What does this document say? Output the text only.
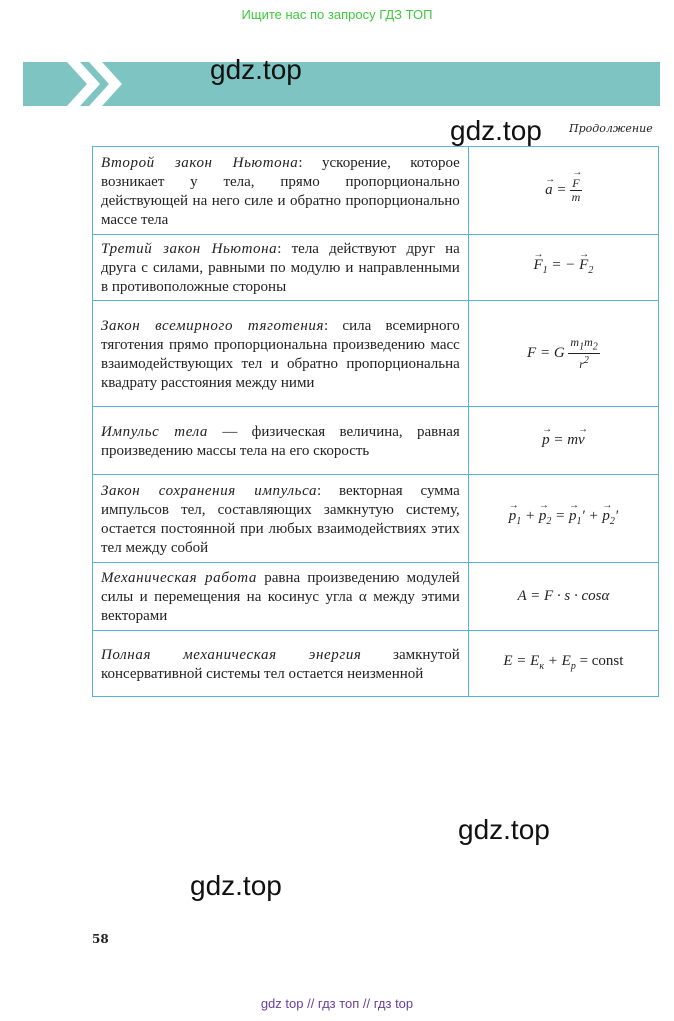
Ищите нас по запросу ГДЗ ТОП
gdz.top
gdz.top Продолжение
Второй закон Ньютона: ускорение, которое возникает у тела, прямо пропорционально действующей на него силе и обратно пропорционально массе тела	→ a = → $\frac{F}{m}$

Третий закон Ньютона: тела действуют друг на друга с силами, равными по модулю и направленными в противоположные стороны	→ $F_1$ = − → $F_2$
Закон всемирного тяготения: сила всемирного тяготения прямо пропорциональна произведению масс взаимодействующих тел и обратно пропорциональна квадрату расстояния между ними	F = G $\frac{m_1m_2}{r^2}$

Импульс тела — физическая величина, равная произведению массы тела на его скорость	→ p = m→ v
Закон сохранения импульса: векторная сумма импульсов тел, составляющих замкнутую систему, остается постоянной при любых взаимодействиях этих тел между собой	→ $p_1$ + → $p_2$ = → $p_1'$ + → $p_2'$
Механическая работа равна произведению модулей силы и перемещения на косинус угла α между этими векторами	A = F · s · cosα
Полная механическая энергия замкнутой консервативной системы тел остается неизменной	$E = E_к + E_p$ = const
gdz.top
gdz.top
58
gdz top // гдз топ // гдз top
